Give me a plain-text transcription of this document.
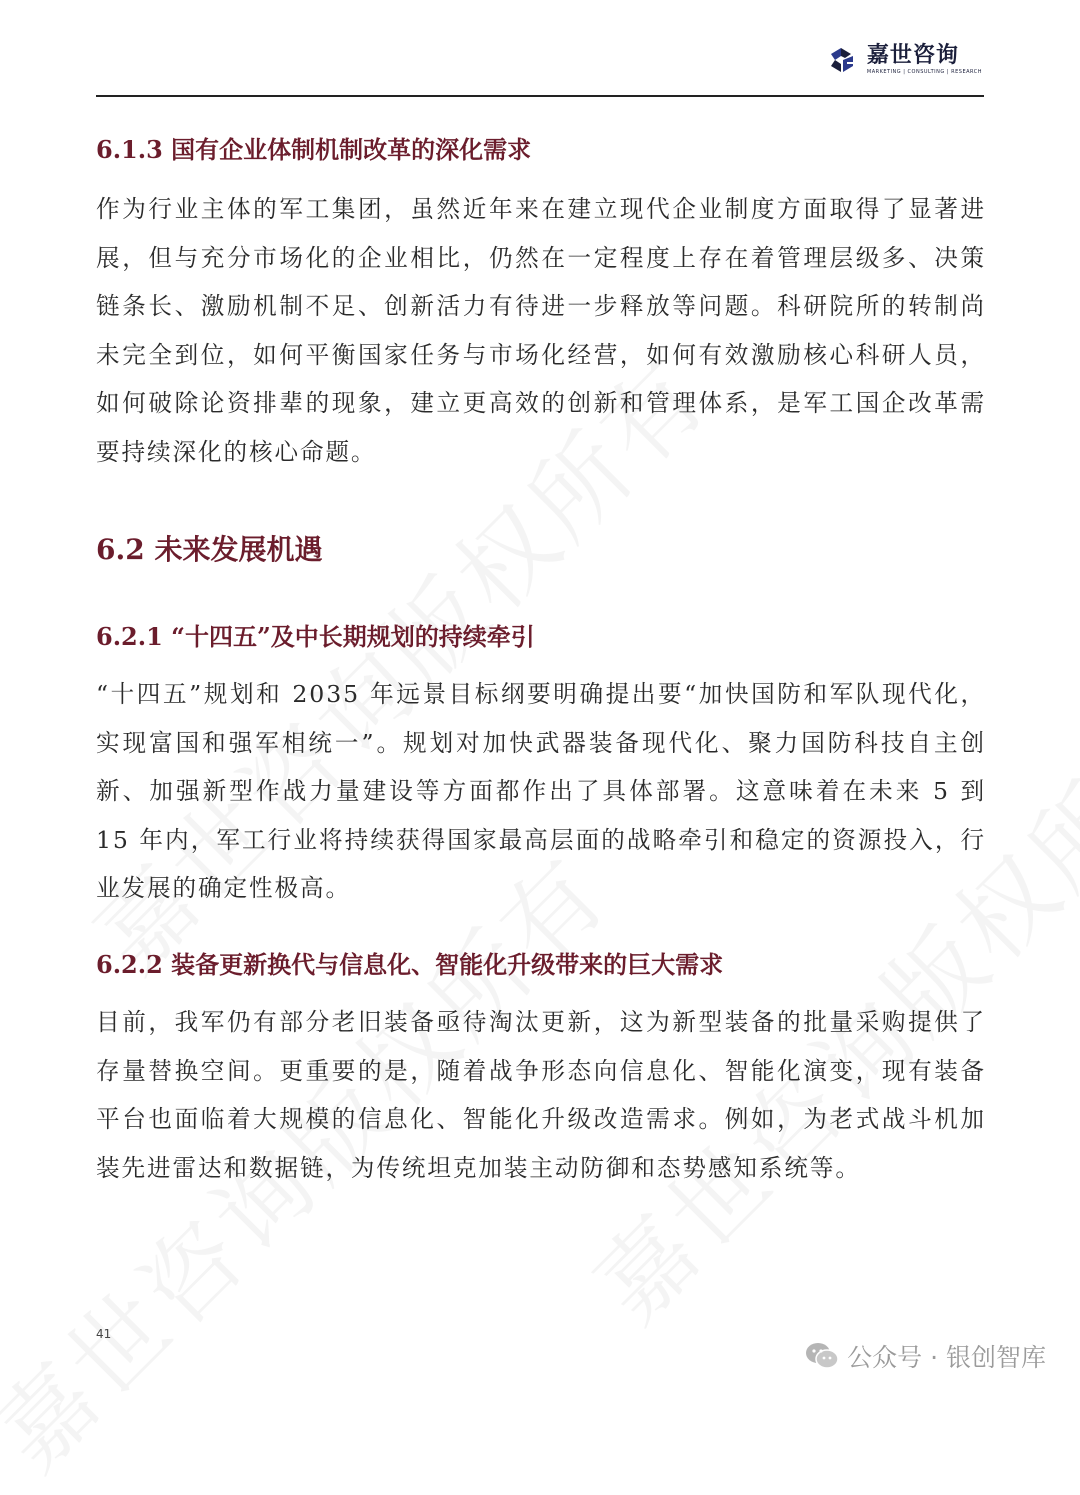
嘉世咨询
MARKETING | CONSULTING | RESEARCH
6.1.3 国有企业体制机制改革的深化需求

作为行业主体的军工集团，虽然近年来在建立现代企业制度方面取得了显著进展，但与充分市场化的企业相比，仍然在一定程度上存在着管理层级多、决策链条长、激励机制不足、创新活力有待进一步释放等问题。科研院所的转制尚未完全到位，如何平衡国家任务与市场化经营，如何有效激励核心科研人员，如何破除论资排辈的现象，建立更高效的创新和管理体系，是军工国企改革需要持续深化的核心命题。

6.2 未来发展机遇
6.2.1 “十四五”及中长期规划的持续牵引

“十四五”规划和 2035 年远景目标纲要明确提出要“加快国防和军队现代化，实现富国和强军相统一”。规划对加快武器装备现代化、聚力国防科技自主创新、加强新型作战力量建设等方面都作出了具体部署。这意味着在未来 5 到 15 年内，军工行业将持续获得国家最高层面的战略牵引和稳定的资源投入，行业发展的确定性极高。

6.2.2 装备更新换代与信息化、智能化升级带来的巨大需求

目前，我军仍有部分老旧装备亟待淘汰更新，这为新型装备的批量采购提供了存量替换空间。更重要的是，随着战争形态向信息化、智能化演变，现有装备平台也面临着大规模的信息化、智能化升级改造需求。例如，为老式战斗机加装先进雷达和数据链，为传统坦克加装主动防御和态势感知系统等。

41
公众号 · 银创智库
